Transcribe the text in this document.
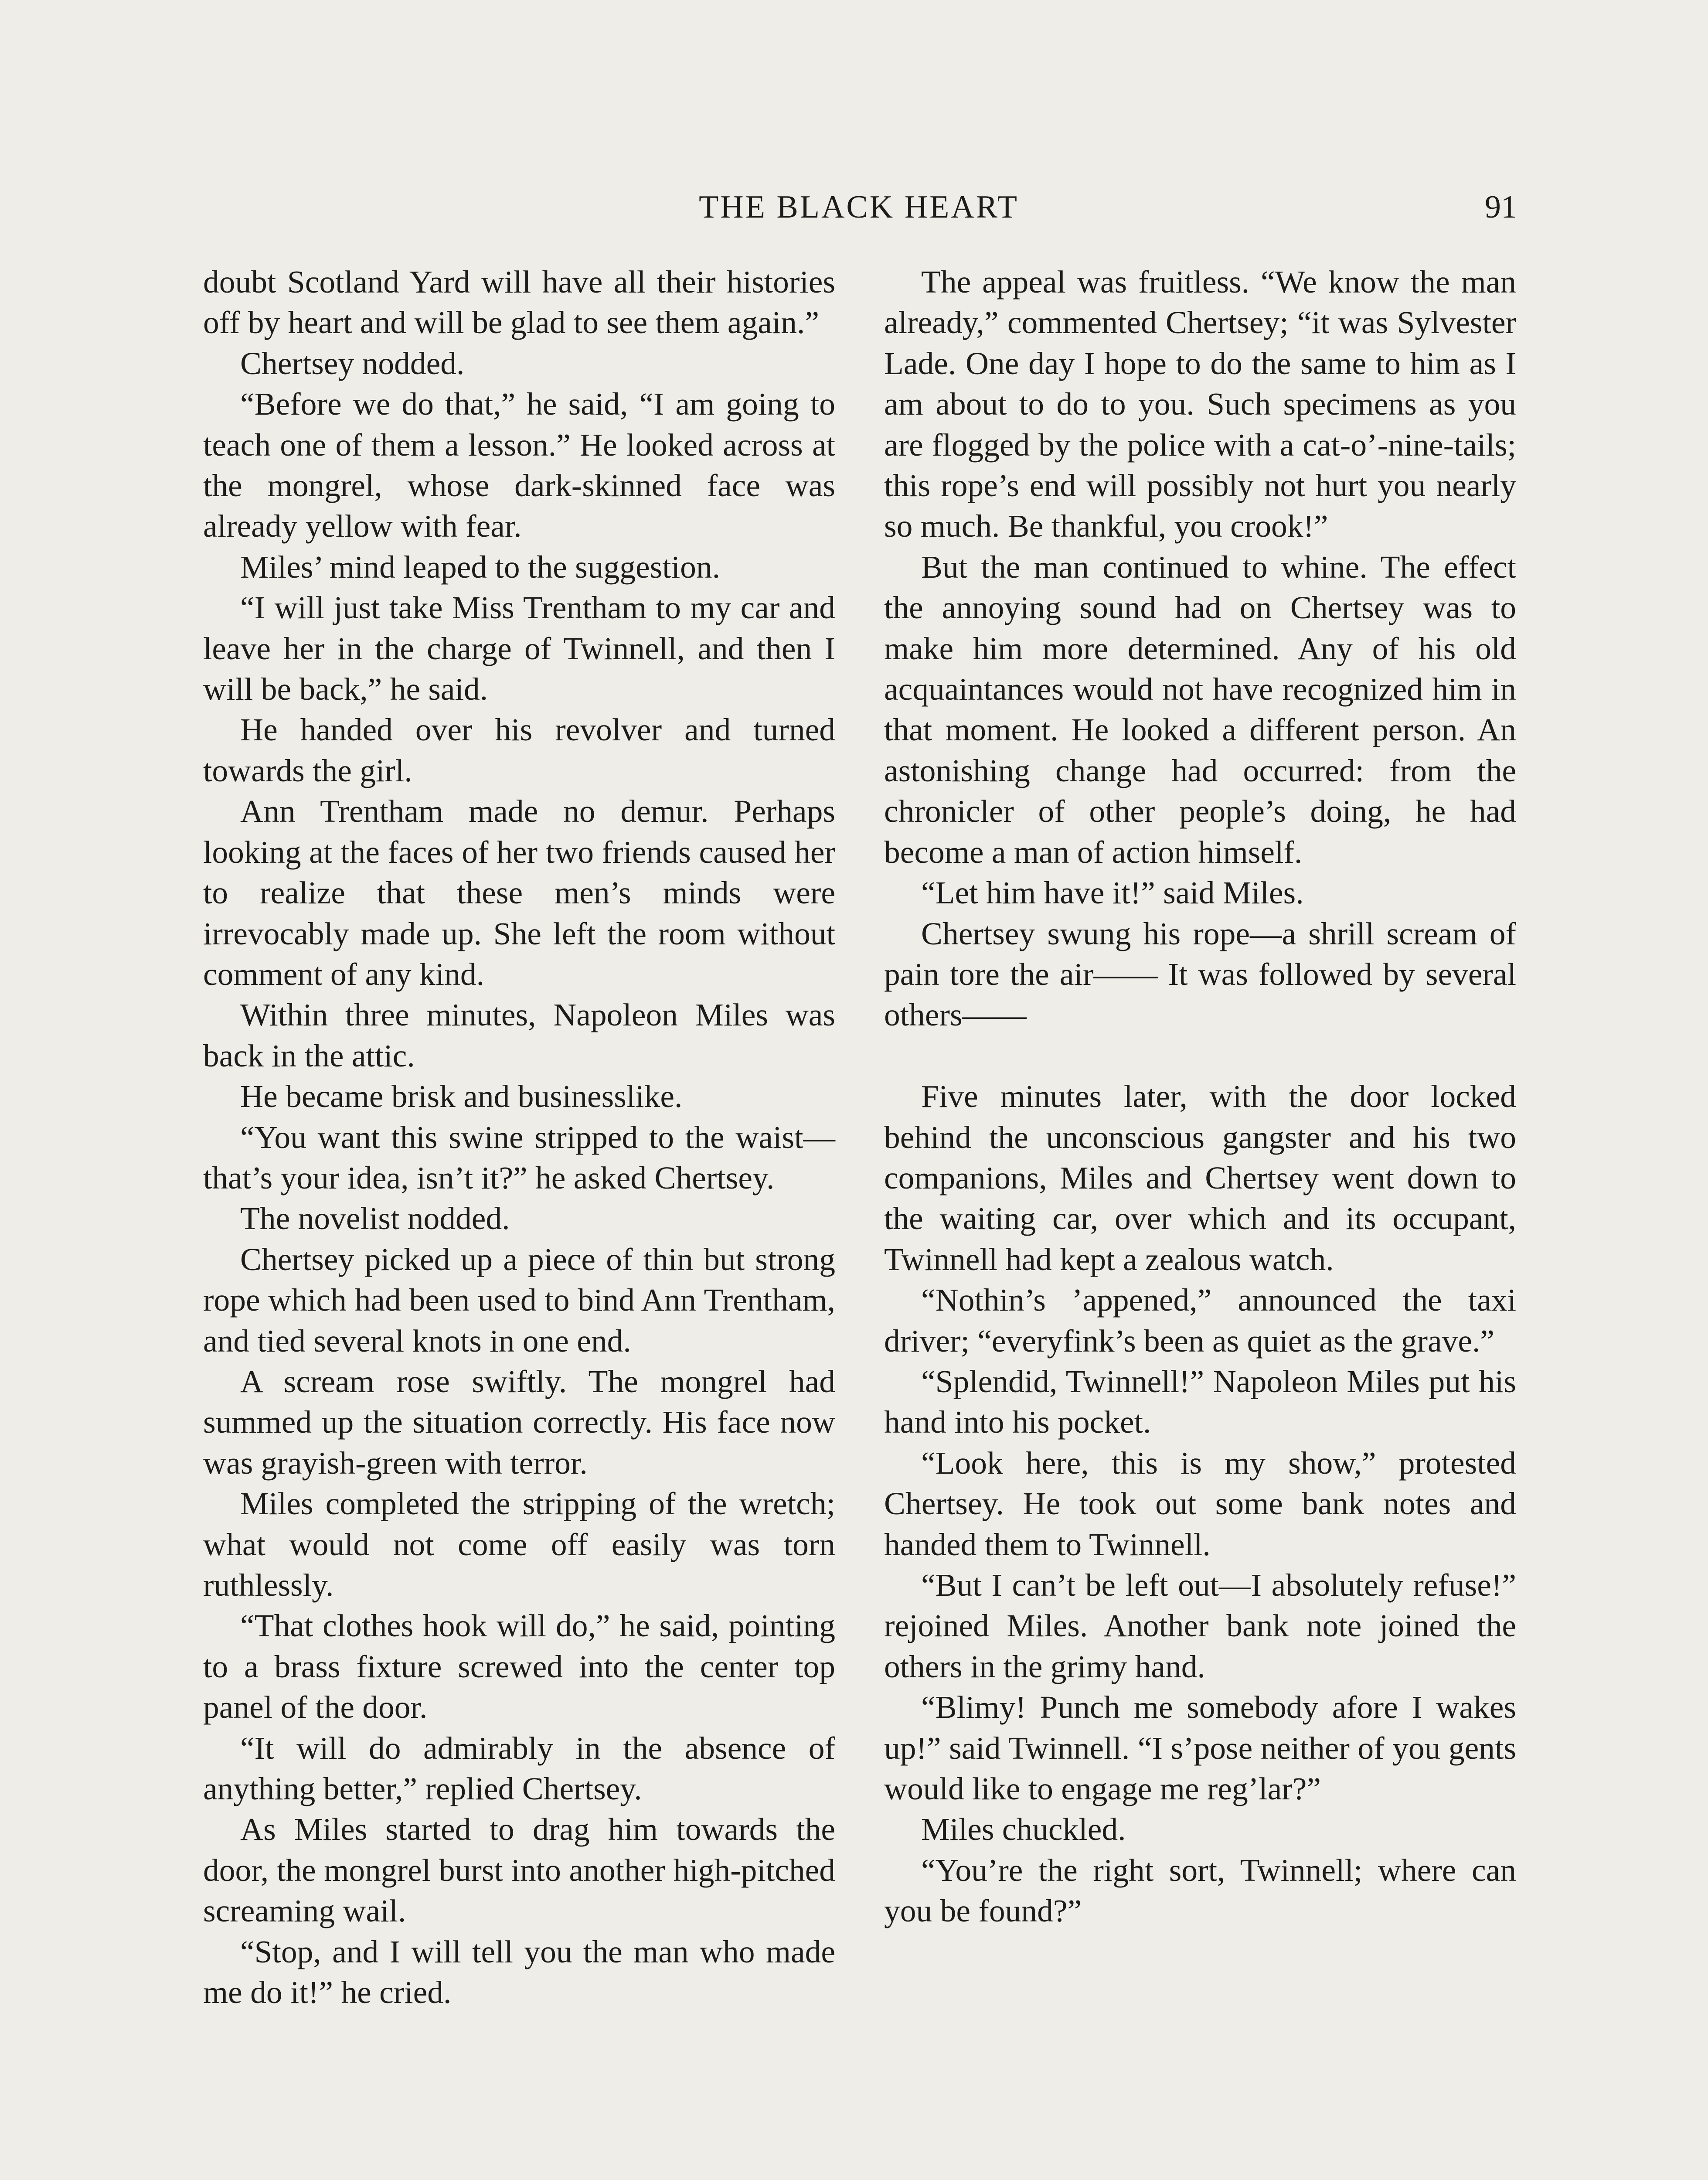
THE BLACK HEART	91

doubt Scotland Yard will have all their histories off by heart and will be glad to see them again.”

Chertsey nodded.

“Before we do that,” he said, “I am going to teach one of them a lesson.” He looked across at the mongrel, whose dark-skinned face was already yellow with fear.

Miles’ mind leaped to the suggestion.

“I will just take Miss Trentham to my car and leave her in the charge of Twinnell, and then I will be back,” he said.

He handed over his revolver and turned towards the girl.

Ann Trentham made no demur. Perhaps looking at the faces of her two friends caused her to realize that these men’s minds were irrevocably made up. She left the room without comment of any kind.

Within three minutes, Napoleon Miles was back in the attic.

He became brisk and businesslike.

“You want this swine stripped to the waist—that’s your idea, isn’t it?” he asked Chertsey.

The novelist nodded.

Chertsey picked up a piece of thin but strong rope which had been used to bind Ann Trentham, and tied several knots in one end.

A scream rose swiftly. The mongrel had summed up the situation correctly. His face now was grayish-green with terror.

Miles completed the stripping of the wretch; what would not come off easily was torn ruthlessly.

“That clothes hook will do,” he said, pointing to a brass fixture screwed into the center top panel of the door.

“It will do admirably in the absence of anything better,” replied Chertsey.

As Miles started to drag him towards the door, the mongrel burst into another high-pitched screaming wail.

“Stop, and I will tell you the man who made me do it!” he cried.

The appeal was fruitless. “We know the man already,” commented Chertsey; “it was Sylvester Lade. One day I hope to do the same to him as I am about to do to you. Such specimens as you are flogged by the police with a cat-o’-nine-tails; this rope’s end will possibly not hurt you nearly so much. Be thankful, you crook!”

But the man continued to whine. The effect the annoying sound had on Chertsey was to make him more determined. Any of his old acquaintances would not have recognized him in that moment. He looked a different person. An astonishing change had occurred: from the chronicler of other people’s doing, he had become a man of action himself.

“Let him have it!” said Miles.

Chertsey swung his rope—a shrill scream of pain tore the air—— It was followed by several others——

Five minutes later, with the door locked behind the unconscious gangster and his two companions, Miles and Chertsey went down to the waiting car, over which and its occupant, Twinnell had kept a zealous watch.

“Nothin’s ’appened,” announced the taxi driver; “everyfink’s been as quiet as the grave.”

“Splendid, Twinnell!” Napoleon Miles put his hand into his pocket.

“Look here, this is my show,” protested Chertsey. He took out some bank notes and handed them to Twinnell.

“But I can’t be left out—I absolutely refuse!” rejoined Miles. Another bank note joined the others in the grimy hand.

“Blimy! Punch me somebody afore I wakes up!” said Twinnell. “I s’pose neither of you gents would like to engage me reg’lar?”

Miles chuckled.

“You’re the right sort, Twinnell; where can you be found?”
